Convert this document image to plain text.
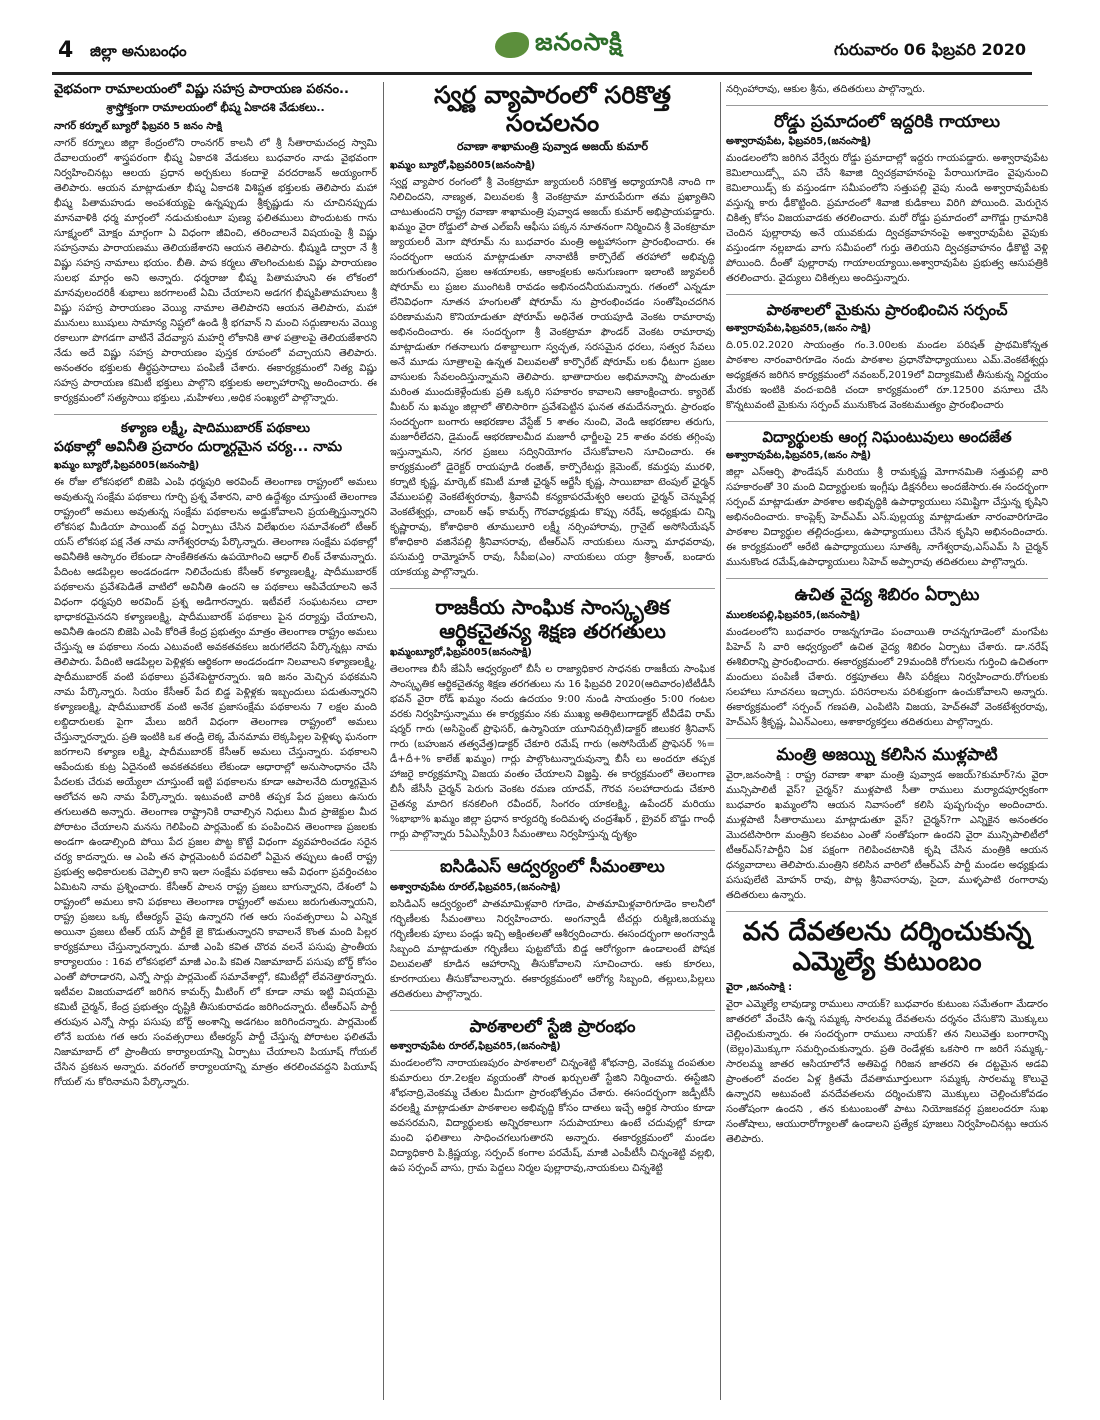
4 జిల్లా అనుబంధం	జనంసాక్షి	గురువారం 06 ఫిబ్రవరి 2020
వైభవంగా రామాలయంలో విష్ణు సహస్ర పారాయణ పఠనం..
శ్రాస్త్రోక్తంగా రామాలయంలో భీష్మ ఏకాదశి వేడుకలు..
నాగర్ కర్నూల్ బ్యూరో ఫిబ్రవరి 5 జనం సాక్షి
నాగర్ కర్నూలు జిల్లా కేంద్రంలోని రాంనగర్ కాలనీ లో శ్రీ సీతారామచంద్ర స్వామి దేవాలయంలో శాస్త్రపరంగా భీష్మ ఏకాదశి వేడుకలు బుధవారం నాడు వైభవంగా నిర్వహించినట్లు ఆలయ ప్రధాన అర్చకులు కందాళై వరదరాజన్ అయ్యంగార్ తెలిపారు. ఆయన మాట్లాడుతూ భీష్మ ఏకాదశి విశిష్టత భక్తులకు తెలిపారు మహా భీష్మ పితామహుడు అంపశయ్యపై ఉన్నప్పుడు శ్రీకృష్ణుడు ను చూచినప్పుడు మానవాళికి ధర్మ మార్గంలో నడుచుకుంటూ పుణ్య ఫలితములు పొందుటకు గాను సూక్ష్మంలో మోక్షం మార్గంగా ఏ విధంగా జీవించి, తరించాలనే విషయంపై శ్రీ విష్ణు సహస్రనామ పారాయణము తెలియజేశారని ఆయన తెలిపారు. భీష్ముడి ద్వారా నే శ్రీ విష్ణు సహస్ర నామాలు భయం. బీతి. పాప కర్మలు తొలగించుటకు విష్ణు పారాయణం సులభ మార్గం అని అన్నారు. ధర్మరాజు భీష్మ పితామహుని ఈ లోకంలో మానవులందరికీ శుభాలు జరగాలంటే ఏమి చేయాలని అడగగ భీష్మపితామహులు శ్రీ విష్ణు సహస్ర పారాయణం వెయ్యి నామాల తెలిపారని ఆయన తెలిపారు, మహా మునులు ఋషులు సామాన్య నిష్టలో ఉండి శ్రీ భగవాన్ ని మంచి సద్గుణాలను వెయ్యి రకాలుగా పొగడగా వాటినే వేదవ్యాస మహర్షి లోకానికి తాళ పత్రాలపై తెలియజేశారని నేడు అదే విష్ణు సహస్ర పారాయణం పుస్తక రూపంలో వచ్చాయని తెలిపారు. అనంతరం భక్తులకు తీర్థప్రసాదాలు పంపిణీ చేశారు. ఈకార్యక్రమంలో నిత్య విష్ణు సహస్ర పారాయణ కమిటీ భక్తులు పాల్గొని భక్తులకు అల్పాహారాన్ని అందించారు. ఈ కార్యక్రమంలో సత్యసాయి భక్తులు ,మహిళలు ,అధిక సంఖ్యలో పాల్గొన్నారు.
కళ్యాణ లక్ష్మీ, షాదిముబారక్ పథకాలు
పథకాల్లో అవినీతి ప్రచారం దుర్మార్గమైన చర్య... నామ
ఖమ్మం బ్యూరో,ఫిబ్రవరి05(జనంసాక్షి)
ఈ రోజు లోకసభలో బిజెపి ఎంపి ధర్మపురి అరవింద్ తెలంగాణ రాష్ట్రంలో అమలు అవుతున్న సంక్షేమ పథకాలు గూర్చి ప్రశ్న వేశారని, వారి ఉద్దేశ్యం చూస్తుంటే తెలంగాణ రాష్ట్రంలో అమలు అవుతున్న సంక్షేమ పథకాలను అడ్డుకోవాలని ప్రయత్నిస్తున్నారని లోకసభ మీడియా పాయింట్ వద్ద ఏర్పాటు చేసిన విలేఖరుల సమావేశంలో టీఆర్ యస్ లోకసభ పక్ష నేత నామ నాగేశ్వరరావు పేర్కొన్నారు. తెలంగాణ సంక్షేమ పథకాల్లో అవినీతికి ఆస్కారం లేకుండా సాంకేతికతను ఉపయోగించి ఆధార్ లింక్ చేశామన్నారు. పేదింట ఆడపిల్లల అండదండగా నిలిచేందుకు కేసీఆర్ కళ్యాణలక్ష్మి, షాదీముబారక్ పథకాలను ప్రవేశపెడితే వాటిలో అవినీతి ఉందని ఆ పథకాలు ఆపివేయాలని అనే విధంగా ధర్మపురి అరవింద్ ప్రశ్న అడిగారన్నారు. ఇటీవలే సంఘటనలు చాలా భాధాకరమైనదని కళ్యాణలక్ష్మి, షాదీముబారక్ పథకాలు పైన దర్యాప్తు చేయాలని, అవినీతి ఉందని బిజెపి ఎంపి కోరితే కేంద్ర ప్రభుత్వం మాత్రం తెలంగాణ రాష్ట్రం అమలు చేస్తున్న ఆ పథకాలు నందు ఎటువంటి అవకతవకలు జరుగలేదని పేర్కొన్నట్లు నామ తెలిపారు. పేదింటి ఆడపిల్లల పెళ్లిళ్లకు ఆర్థికంగా అండదండగా నిలవాలని కళ్యాణలక్ష్మి, షాదీముబారక్ వంటి పథకాలు ప్రవేశపెట్టారన్నారు. ఇది జనం మెచ్చిన పథకమని నామ పేర్కొన్నారు. సియం కేసీఆర్ పేద బిడ్డ పెళ్లిళ్లకు ఇబ్బందులు పడుతున్నారని కళ్యాణలక్ష్మి, షాదీముబారక్ వంటి అనేక ప్రజాసంక్షేమ పథకాలను 7 లక్షల మంది లబ్దిదారులకు పైగా మేలు జరిగే విధంగా తెలంగాణ రాష్ట్రంలో అమలు చేస్తున్నారన్నారు. ప్రతి ఇంటికి ఒక తండ్రి లెక్క మేనమామ లెక్కపిల్లల పెళ్లిళ్ళు ఘనంగా జరగాలని కళ్యాణ లక్ష్మి, షాదీముబారక్ కేసీఆర్ అమలు చేస్తున్నారు. పథకాలని ఆపేందుకు కుట్ర ఏదైనంటి అవకతవకలు లేకుండా ఆధారాల్లో అనుసాంధానం చేసి పేదలకు చేరువ అయ్యేలా చూస్తుంటే ఇట్టి పథకాలను కూడా ఆపాలనేది దుర్మార్గమైన ఆలోచన అని నామ పేర్కొన్నారు. ఇటువంటి వారికి తప్పక పేద ప్రజలు ఉసురు తగులుతది అన్నారు. తెలంగాణ రాష్ట్రానికి రావాల్సిన నిధులు మీద ప్రాజెక్టుల మీద పోరాటం చేయాలని మనసు గెలిపించి పార్లమెంట్ కు పంపించిన తెలంగాణ ప్రజలకు అండగా ఉండాల్సింది పోయి పేద ప్రజల పొట్ట కొట్టే విధంగా వ్యవహరించడం సరైన చర్య కాదన్నారు. ఆ ఎంపి తన ఫార్లమెంటరీ పదవిలో ఏమైన తప్పులు ఉంటే రాష్ట్ర ప్రభుత్వ అధికారులకు చెప్పాలి కాని ఇలా సంక్షేమ పథకాలు ఆపే విధంగా ప్రవర్తించటం ఏమిటని నామ ప్రశ్నించారు. కేసీఆర్ పాలన రాష్ట్ర ప్రజలు బాగున్నారని, దేశంలో ఏ రాష్ట్రంలో అమలు కాని పథకాలు తెలంగాణ రాష్ట్రంలో అమలు జరుగుతున్నాయని, రాష్ట్ర ప్రజలు ఒక్క టీఆర్యస్ వైపు ఉన్నారని గత ఆరు సంవత్సరాలు ఏ ఎన్నిక అయినా ప్రజలు టీఆర్ యస్ పార్టీకే జై కొడుతున్నారని కావాలనే కొంత మంది పిల్లర కార్యక్రమాలు చేస్తున్నారన్నారు. మాజీ ఎంపి కవిత చొరవ వలనే పసుపు ప్రాంతీయ కార్యాలయం : 16వ లోకసభలో మాజీ ఎం.పి కవిత నిజామాబాద్ పసుపు బోర్డ్ కోసం ఎంతో పోరాడారని, ఎన్నో సార్లు పార్లమెంట్ సమావేశాల్లో, కమిటీల్లో లేవనెత్తారన్నారు. ఇటీవల విజయవాడలో జరిగిన కామర్స్ మీటింగ్ లో కూడా నామ ఇట్టి విషయమై కమిటీ చైర్మన్, కేంద్ర ప్రభుత్వం దృష్టికి తీసుకురావడం జరిగిందన్నారు. టీఆర్ఎస్ పార్టీ తరుపున ఎన్నో సార్లు పసుపు బోర్డ్ అంశాన్ని అడగటం జరిగిందన్నారు. పార్లమెంట్ లోనే బయట గత ఆరు సంవత్సరాలు టీఆర్యస్ పార్టీ చేస్తున్న పోరాటల ఫలితమే నిజామాబాద్ లో ప్రాంతీయ కార్యాలయాన్ని ఏర్పాటు చేయాలని పియూష్ గోయల్ చేసిన ప్రకటన అన్నారు. వరంగల్ కార్యాలయాన్ని మాత్రం తరలించవద్దని పియూష్ గోయల్ ను కోరినామని పేర్కొన్నారు.
స్వర్ణ వ్యాపారంలో సరికొత్త సంచలనం
రవాణా శాఖామంత్రి పువ్వాడ అజయ్ కుమార్
ఖమ్మం బ్యూరో,ఫిబ్రవరి05(జనంసాక్షి)
స్వర్ణ వ్యాపార రంగంలో శ్రీ వెంకట్రామా జ్యుయలరీ సరికొత్త అధ్యాయానికి నాంది గా నిలిచిందని, నాణ్యత, విలువలకు శ్రీ వెంకట్రామా మారుపేరుగా తమ ప్రఖ్యాతిని చాటుతుందని రాష్ట్ర రవాణా శాఖామంత్రి పువ్వాడ అజయ్ కుమార్ అభిప్రాయపడ్డారు. ఖమ్మం వైరా రోడ్డులో పాత ఎల్ఐసీ ఆఫీసు పక్కన నూతనంగా నిర్మించిన శ్రీ వెంకట్రామా జ్యుయలరీ మెగా షోరూమ్ ను బుధవారం మంత్రి అట్టహాసంగా ప్రారంభించారు. ఈ సందర్భంగా ఆయన మాట్లాడుతూ నానాటికీ కార్పొరేట్ తరహాలో అభివృద్ధి జరుగుతుందని, ప్రజల ఆశయాలకు, ఆకాంక్షలకు అనుగుణంగా ఇలాంటి జ్యువలరీ షోరూమ్ లు ప్రజల ముంగిటకి రావడం అభినందనీయమన్నారు. గతంలో ఎన్నడూ లేనివిధంగా నూతన హంగులతో షోరూమ్ ను ప్రారంభించడం సంతోషించదగిన పరిణామమని కొనియాడుతూ షోరూమ్ అధినేత రాయపూడి వెంకట రామారావు అభినందించారు. ఈ సందర్భంగా శ్రీ వెంకట్రామా ఫౌండర్ వెంకట రామారావు మాట్లాడుతూ గతనాలుగు దశాబ్దాలుగా స్వచ్ఛత, సరసమైన ధరలు, సత్వర సేవలు అనే మూడు సూత్రాలపై ఉన్నత విలువలతో కార్పొరేట్ షోరూమ్ లకు ధీటుగా ప్రజల వాసులకు సేవలందిస్తున్నామని తెలిపారు. భాతాదారుల అభిమానాన్ని పొందుతూ మరింత ముందుకెళ్లేందుకు ప్రతి ఒక్కరి సహకారం కావాలని ఆకాంక్షించారు. క్యారెట్ మీటర్ ను ఖమ్మం జిల్లాలో తొలిసారిగా ప్రవేశపెట్టిన ఘనత తమదేనన్నారు. ప్రారంభం సందర్భంగా బంగారు ఆభరణాల వేస్టేజ్ 5 శాతం నుంచి, వెండి ఆభరణాల తరుగు, మజూరీలేదని, డైమండ్ ఆభరణాలమీద మజూరీ ఛార్జీలపై 25 శాతం వరకు తగ్గింపు ఇస్తున్నామని, నగర ప్రజలు సద్వినియోగం చేసుకోవాలని సూచించారు. ఈ కార్యక్రమంలో డైరెక్టర్ రాయపూడి రంజిత్, కార్పొరేటర్లు క్లెమెంట్, కమర్తపు మురళి, కర్నాటి కృష్ణ, మార్కెట్ కమిటీ మాజీ ఛైర్మన్ ఆర్జేసీ కృష్ణ, సాయిబాబా టెంపుల్ ఛైర్మన్ వేములపల్లి వెంకటేశ్వరరావు, శ్రీవాసవీ కన్యకాపరమేశ్వరి ఆలయ ఛైర్మన్ చెన్నుపేర్ల వెంకటేశ్వర్లు, చాంబర్ ఆఫ్ కామర్స్ గౌరవాధ్యక్షుడు కొప్పు నరేష్, అధ్యక్షుడు చిన్ని కృష్ణారావు, కోశాధికారి తూములూరి లక్ష్మీ నర్సింహారావు, గ్రానైట్ అసోసియేషన్ కోశాధికారి వజినేపల్లి శ్రీనివాసరావు, టీఆర్ఎస్ నాయకులు నున్నా మాధవరావు, పసుమర్తి రామ్మోహన్ రావు, సీపీఐ(ఎం) నాయకులు యర్రా శ్రీకాంత్, బండారు యాకయ్య పాల్గొన్నారు.
రాజకీయ సాంఘిక సాంస్కృతిక ఆర్థికచైతన్య శిక్షణ తరగతులు
ఖమ్మంబ్యూరో,ఫిబ్రవరి05(జనంసాక్షి)
తెలంగాణ బీసీ జేఏసీ ఆధ్వర్యంలో బీసీ ల రాజ్యాధికార సాధనకు రాజకీయ సాంఘిక సాంస్కృతిక ఆర్థికచైతన్య శిక్షణ తరగతులు ను 16 ఫిబ్రవరి 2020(ఆదివారం)టీటీడీసీ భవన్ వైరా రోడ్ ఖమ్మం నందు ఉదయం 9:00 నుండి సాయంత్రం 5:00 గంటల వరకు నిర్వహిస్తున్నాము ఈ కార్యక్రమం నకు ముఖ్య అతిథిలుగాడాక్టర్ టీవీడేవి రామ్ షర్మర్ గారు (అసిస్టెంట్ ప్రొఫెసర్, ఉస్మానియా యూనివర్సిటీ)డాక్టర్ జిలుకర శ్రీనివాస్ గారు (బహుజన తత్వవేత్త)డాక్టర్ చేకూరి రమేష్ గారు (అసోసియేట్ ప్రొఫెసర్ %= డీ+దీ+% కాలేజ్ ఖమ్మం) గార్లు పాల్గొంటున్నారువున్నా బీసీ లు అందరూ తప్పక హాజరై కార్యక్రమాన్ని విజయ వంతం చేయాలని విజ్ఞప్తి. ఈ కార్యక్రమంలో తెలంగాణ బీసీ జేసీసీ చైర్మన్ పెరుగు వెంకట రమణ యాదవ్, గౌరవ సలహాదారుడు చేకూరి చైతన్య మాదిగ కనకలింగి రవీందర్, సింగరం యాకలక్ష్మి, ఉపేందర్ మరియు %భాభా% ఖమ్మం జిల్లా ప్రధాన కార్యదర్శి కందిమళ్ళ చంద్రశేఖర్ , బ్రైవర్ బొడ్డు గాంధీ గార్లు పాల్గొన్నారు 5ఏఎస్పీపీ03 సీమంతాలు నిర్వహిస్తున్న దృశ్యం
ఐసిడిఎస్ ఆద్వర్యంలో సీమంతాలు
అశ్వారావుపేట రూరల్,ఫిబ్రవరి5,(జనంసాక్షి)
ఐసిడిఎస్ ఆద్వర్యంలో పాతమామిళ్లవారి గూడెం, పాతమామిళ్లవారిగూడెం కాలనీలో గర్భిణీలకు సీమంతాలు నిర్వహించారు. అంగన్వాడీ టీచర్లు రుక్మిణి,జయమ్మ గర్భిణీలకు పూలు పండ్లు ఇచ్చి అక్షింతలతో ఆశీర్వదించారు. ఈసందర్భంగా అంగన్వాడీ సిబ్బంది మాట్లాడుతూ గర్భిణీలు పుట్టబోయే బిడ్డ ఆరోగ్యంగా ఉండాలంటే పోషక విలువలతో కూడిన ఆహారాన్ని తీసుకోవాలని సూచించారు. ఆకు కూరలు, కూరగాయలు తీసుకోవాలన్నారు. ఈకార్యక్రమంలో ఆరోగ్య సిబ్బంది, తల్లులు,పిల్లలు తదితరులు పాల్గొన్నారు.
పాఠశాలలో స్టేజి ప్రారంభం
అశ్వారావుపేట రూరల్,ఫిబ్రవరి5,(జనంసాక్షి)
మండలంలోని నారాయణపురం పాఠశాలలో చిన్నంశెట్టి శోభనాద్రి, వెంకమ్మ దంపతుల కుమారులు రూ.2లక్షల వ్యయంతో సొంత ఖర్చులతో స్టేజిని నిర్మించారు. ఈస్టేజిని శోభనాద్రి,వెంకమ్మ చేతుల మీదుగా ప్రారంభోత్సవం చేశారు. ఈసందర్భంగా జడ్పీటీసీ వరలక్ష్మి మాట్లాడుతూ పాఠశాలల అభివృద్ది కోసం దాతలు ఇచ్చే ఆర్థిక సాయం కూడా అవసరమని, విద్యార్థులకు అన్నిరకాలుగా సదుపాయాలు ఉంటే చదువుల్లో కూడా మంచి ఫలితాలు సాధించగలుగుతారని అన్నారు. ఈకార్యక్రమంలో మండల విద్యాధికారి పి.క్రిష్ణయ్య, సర్పంచ్ కంగాల పరమేష్, మాజీ ఎంపీటీసీ చిన్నంశెట్టి వల్లభి, ఉప సర్పంచ్ వాసు, గ్రామ పెద్దలు నిర్మల పుల్లారావు,నాయకులు చిన్నశెట్టి
నర్సింహారావు, ఆకుల శ్రీను, తదితరులు పాల్గొన్నారు.
రోడ్డు ప్రమాదంలో ఇద్దరికి గాయాలు
అశ్వారావుపేట, ఫిబ్రవరి5,(జనంసాక్షి)
మండలంలోని జరిగిన వేర్వేరు రోడ్డు ప్రమాదాల్లో ఇద్దరు గాయపడ్డారు. అశ్వారావుపేట కెమిలాయిడ్స్లో పని చేసే శివాజి ద్విచక్రవాహనంపై పేరాయిగూడెం వైపునుంచి కెమిలాయిడ్స్ కు వస్తుండగా సమీపంలోని సత్తుపల్లి వైపు నుండి అశ్వారావుపేటకు వస్తున్న కారు ఢీకొట్టింది. ప్రమాదంలో శివాజి కుడికాలు విరిగి పోయింది. మెరుగైన చికిత్స కోసం విజయవాడకు తరలించారు. మరో రోడ్డు ప్రమాదంలో వాగొడ్డు గ్రామానికి చెందిన పుల్లారావు అనే యువకుడు ద్విచక్రవాహనంపై అశ్వారావుపేట వైపుకు వస్తుండగా నల్లబాడు వాగు సమీపంలో గుర్తు తెలియని ద్విచక్రవాహనం ఢీకొట్టి వెళ్లి పోయింది. దీంతో పుల్లారావు గాయాలయ్యాయి.అశ్వారావుపేట ప్రభుత్వ ఆసుపత్రికి తరలించారు. వైద్యులు చికిత్సలు అందిస్తున్నారు.
పాఠశాలలో మైకును ప్రారంభించిన సర్పంచ్
అశ్వారావుపేట,ఫిబ్రవరి5,(జనం సాక్షి)
ది.05.02.2020 సాయంత్రం గం.3.00లకు మండల పరిషత్ ప్రాథమికోన్నత పాఠశాల నారంవారిగూడెం నందు పాఠశాల ప్రధానోపాధ్యాయులు ఎమ్.వెంకటేశ్వర్లు అధ్యక్షతన జరిగిన కార్యక్రమంలో నవంబర్,2019లో విద్యాకమిటీ తీసుకున్న నిర్ణయం మేరకు ఇంటికి వంద-ఐదికి చందా కార్యక్రమంలో రూ.12500 వసూలు చేసి కొన్నటువంటి మైకును సర్పంచ్ మునుకొండ వెంకటముత్యం ప్రారంభించారు
విద్యార్థులకు ఆంగ్ల నిఘంటువులు అందజేత
అశ్వారావుపేట,ఫిబ్రవరి5,(జనం సాక్షి)
జిల్లా ఎస్ఆర్పి ఫౌండేషన్ మరియు శ్రీ రామకృష్ణ మోగానమితి సత్తుపల్లి వారి సహకారంతో 30 మంది విద్యార్థులకు ఇంగ్లీషు డిక్షనరీలు అందజేసారు.ఈ సందర్భంగా సర్పంచ్ మాట్లాడుతూ పాఠశాల అభివృద్ధికి ఉపాధ్యాయులు సమిష్టిగా చేస్తున్న కృషిని అభినందించారు. కాంప్లెక్స్ హెచ్ఎమ్ ఎస్.పుల్లయ్య మాట్లాడుతూ నారంవారిగూడెం పాఠశాల విద్యార్థుల తల్లిదండ్రులు, ఉపాధ్యాయులు చేసిన కృషిని అభినందించారు. ఈ కార్యక్రమంలో ఆరేటి ఉపాధ్యాయులు సూతక్కి నాగేశ్వరావు,ఎస్ఎమ్ సి చైర్మన్ మునుకొండ రమేష్,ఉపాధ్యాయులు సిహెచ్ అప్పారావు తదితరులు పాల్గొన్నారు.
ఉచిత వైద్య శిబిరం ఏర్పాటు
ములకలపల్లి,ఫిబ్రవరి5,(జనంసాక్షి)
మండలంలోని బుధవారం రాజన్నగూడెం పంచాయితి రాచన్నగూడెంలో మంగపేట పిహెచ్ సి వారి ఆధ్వర్యంలో ఉచిత వైద్య శిబిరం ఏర్పాటు చేశారు. డా.నరేష్ ఈశిబిరాన్ని ప్రారంభించారు. ఈకార్యక్రమంలో 29మందికి రోగులను గుర్తించి ఉచితంగా మందులు పంపిణీ చేశారు. రక్తపూతలు తీసి పరీక్షలు నిర్వహించారు.రోగులకు సలహాలు సూచనలు ఇచ్చారు. పరిసరాలను పరిశుభ్రంగా ఉంచుకోవాలని అన్నారు. ఈకార్యక్రమంలో సర్పంచ్ గణపతి, ఎంపిటిసి విజయ, హెచ్ఈవో వెంకటేశ్వరరావు, హెచ్ఎస్ శ్రీకృష్ణ, ఏఎన్ఎంలు, ఆశాకార్యకర్తలు తదితరులు పాల్గొన్నారు.
మంత్రి అజయ్ని కలిసిన ముళ్లపాటి
వైరా,జనంసాక్షి : రాష్ట్ర రవాణా శాఖా మంత్రి పువ్వాడ అజయ్?కుమార్?ను వైరా మున్సిపాలిటీ వైస్? చైర్మన్? ముళ్లపాటి సీతా రాములు మర్యాదపూర్వకంగా బుధవారం ఖమ్మంలోని ఆయన నివాసంలో కలిసి పుష్పగుచ్ఛం అందించారు. ముళ్లపాటి సీతారాములు మాట్లాడుతూ వైస్? చైర్మన్?గా ఎన్నికైన అనంతరం మొదటిసారిగా మంత్రిని కలవటం ఎంతో సంతోషంగా ఉందని వైరా మున్సిపాలిటీలో టీఆర్ఎస్?పార్టీని ఏక పక్షంగా గెలిపించటానికి కృషి చేసిన మంత్రికి ఆయన ధన్యవాదాలు తెలిపారు.మంత్రిని కలిసిన వారిలో టీఆర్ఎస్ పార్టీ మండల అధ్యక్షుడు పసుపులేటి మోహన్ రావు, పొట్ల శ్రీనివాసరావు, సైదా, ముళ్ళపాటి రంగారావు తదితరులు ఉన్నారు.
వన దేవతలను దర్శించుకున్న ఎమ్మెల్యే కుటుంబం
వైరా ,జనంసాక్షి :
వైరా ఎమ్మెల్యే లావుడ్యా రాములు నాయక్? బుధవారం కుటుంబ సమేతంగా మేడారం జాతరలో వేంచేసి ఉన్న సమ్మక్క సారలమ్మ దేవతలను దర్శనం చేసుకొని మొక్కులు చెల్లించుకున్నారు. ఈ సందర్భంగా రాములు నాయక్? తన నిలువెత్తు బంగారాన్ని (బెల్లం)మొక్కుగా సమర్పించుకున్నారు. ప్రతి రెండేళ్లకు ఒకసారి గా జరిగే సమ్మక్క-సారలమ్మ జాతర ఆసియాలోనే అతిపెద్ద గిరిజన జాతరని ఈ దట్టమైన అడవి ప్రాంతంలో వందల ఏళ్ల క్రితమే దేవతామూర్తులుగా సమ్మక్క సారలమ్మ కొలువై ఉన్నారని అటువంటి వనదేవతలను దర్శించుకొని మొక్కులు చెల్లించుకోవడం సంతోషంగా ఉందని , తన కుటుంబంతో పాటు నియోజకవర్గ ప్రజలందరూ సుఖ సంతోషాలు, ఆయురారోగ్యాలతో ఉండాలని ప్రత్యేక పూజలు నిర్వహించినట్లు ఆయన తెలిపారు.
